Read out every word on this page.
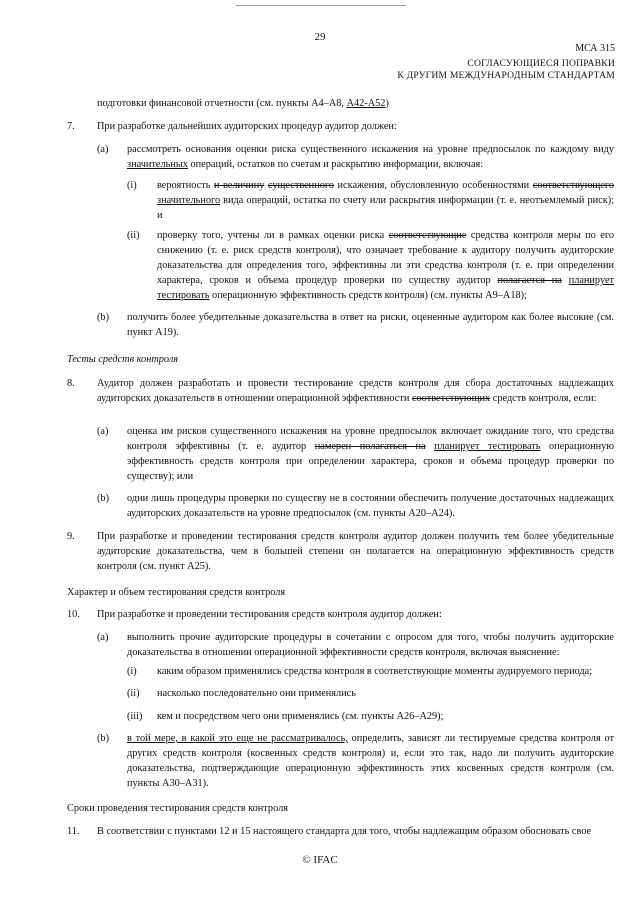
29
МСА 315
СОГЛАСУЮЩИЕСЯ ПОПРАВКИ
К ДРУГИМ МЕЖДУНАРОДНЫМ СТАНДАРТАМ
подготовки финансовой отчетности (см. пункты А4–А8, А42-А52)
7. При разработке дальнейших аудиторских процедур аудитор должен:
(a) рассмотреть основания оценки риска существенного искажения на уровне предпосылок по каждому виду значительных операций, остатков по счетам и раскрытию информации, включая:
(i) вероятность и величину существенного искажения, обусловленную особенностями соответствующего значительного вида операций, остатка по счету или раскрытия информации (т. е. неотъемлемый риск); и
(ii) проверку того, учтены ли в рамках оценки риска соответствующие средства контроля меры по его снижению (т. е. риск средств контроля), что означает требование к аудитору получить аудиторские доказательства для определения того, эффективны ли эти средства контроля (т. е. при определении характера, сроков и объема процедур проверки по существу аудитор полагается на планирует тестировать операционную эффективность средств контроля) (см. пункты А9–А18);
(b) получить более убедительные доказательства в ответ на риски, оцененные аудитором как более высокие (см. пункт А19).
Тесты средств контроля
8. Аудитор должен разработать и провести тестирование средств контроля для сбора достаточных надлежащих аудиторских доказательств в отношении операционной эффективности соответствующих средств контроля, если:
(a) оценка им рисков существенного искажения на уровне предпосылок включает ожидание того, что средства контроля эффективны (т. е. аудитор намерен полагаться на планирует тестировать операционную эффективность средств контроля при определении характера, сроков и объема процедур проверки по существу); или
(b) одни лишь процедуры проверки по существу не в состоянии обеспечить получение достаточных надлежащих аудиторских доказательств на уровне предпосылок (см. пункты А20–А24).
9. При разработке и проведении тестирования средств контроля аудитор должен получить тем более убедительные аудиторские доказательства, чем в большей степени он полагается на операционную эффективность средств контроля (см. пункт А25).
Характер и объем тестирования средств контроля
10. При разработке и проведении тестирования средств контроля аудитор должен:
(a) выполнить прочие аудиторские процедуры в сочетании с опросом для того, чтобы получить аудиторские доказательства в отношении операционной эффективности средств контроля, включая выяснение:
(i) каким образом применялись средства контроля в соответствующие моменты аудируемого периода;
(ii) насколько последовательно они применялись
(iii) кем и посредством чего они применялись (см. пункты А26–А29);
(b) в той мере, в какой это еще не рассматривалось, определить, зависят ли тестируемые средства контроля от других средств контроля (косвенных средств контроля) и, если это так, надо ли получить аудиторские доказательства, подтверждающие операционную эффективность этих косвенных средств контроля (см. пункты А30–А31).
Сроки проведения тестирования средств контроля
11. В соответствии с пунктами 12 и 15 настоящего стандарта для того, чтобы надлежащим образом обосновать свое
© IFAC
